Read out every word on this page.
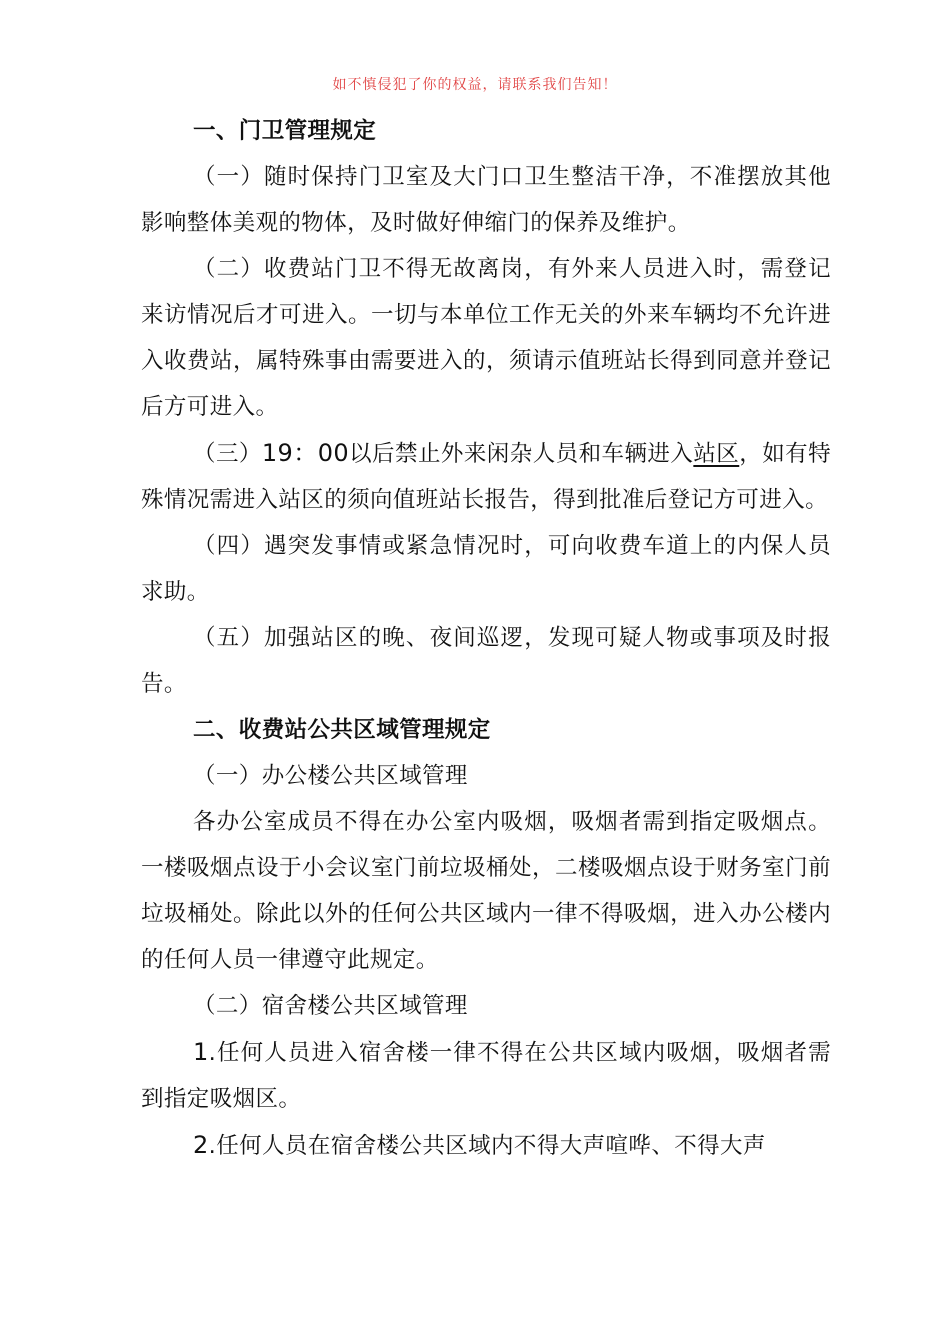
如不慎侵犯了你的权益，请联系我们告知！

一、门卫管理规定

（一）随时保持门卫室及大门口卫生整洁干净，不准摆放其他影响整体美观的物体，及时做好伸缩门的保养及维护。

（二）收费站门卫不得无故离岗，有外来人员进入时，需登记来访情况后才可进入。一切与本单位工作无关的外来车辆均不允许进入收费站，属特殊事由需要进入的，须请示值班站长得到同意并登记后方可进入。

（三）19：00以后禁止外来闲杂人员和车辆进入站区，如有特殊情况需进入站区的须向值班站长报告，得到批准后登记方可进入。

（四）遇突发事情或紧急情况时，可向收费车道上的内保人员求助。

（五）加强站区的晚、夜间巡逻，发现可疑人物或事项及时报告。

二、收费站公共区域管理规定

（一）办公楼公共区域管理

各办公室成员不得在办公室内吸烟，吸烟者需到指定吸烟点。一楼吸烟点设于小会议室门前垃圾桶处，二楼吸烟点设于财务室门前垃圾桶处。除此以外的任何公共区域内一律不得吸烟，进入办公楼内的任何人员一律遵守此规定。

（二）宿舍楼公共区域管理

1.任何人员进入宿舍楼一律不得在公共区域内吸烟，吸烟者需到指定吸烟区。

2.任何人员在宿舍楼公共区域内不得大声喧哗、不得大声
